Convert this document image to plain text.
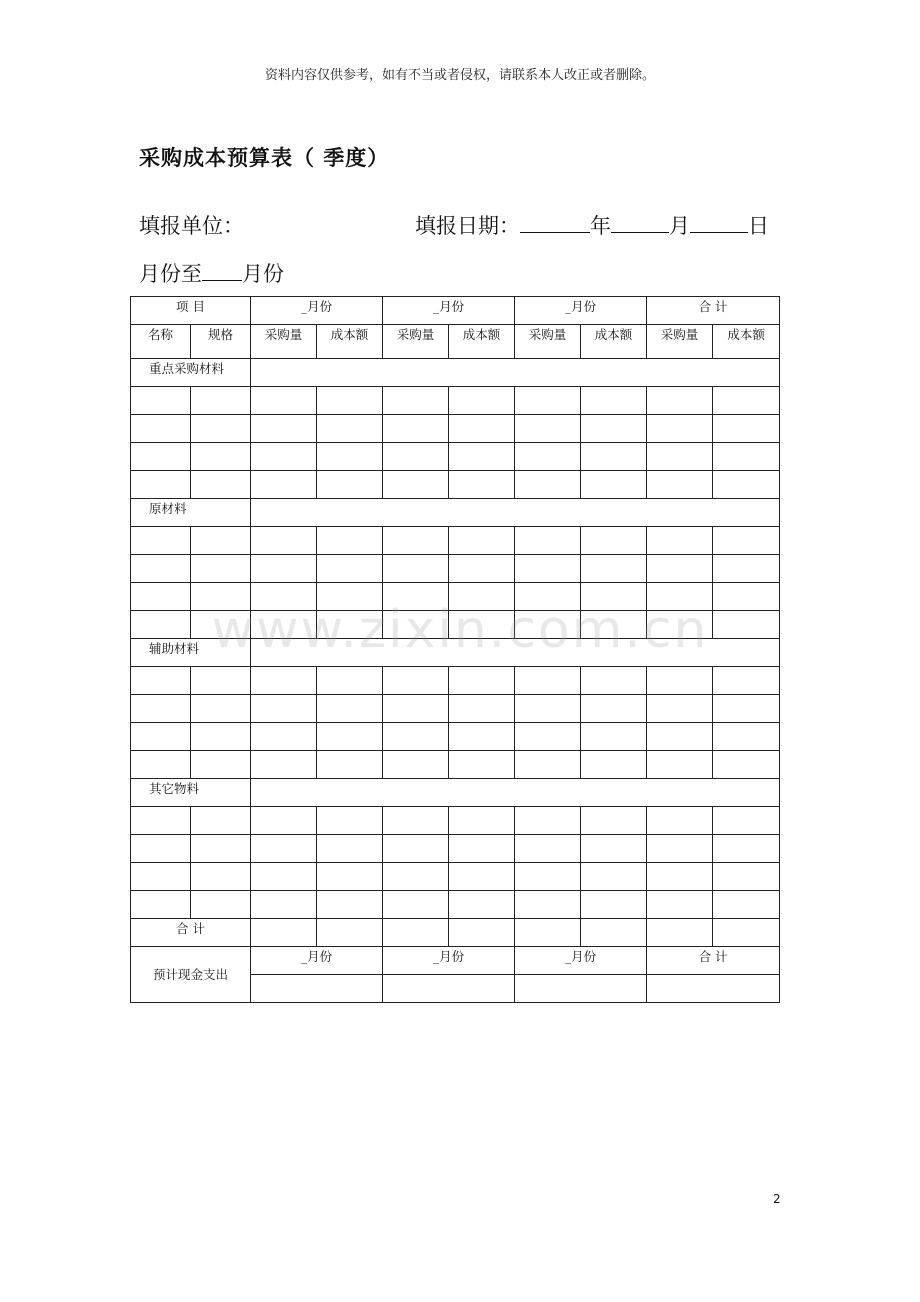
资料内容仅供参考，如有不当或者侵权，请联系本人改正或者删除。
采购成本预算表（ 季度）
填报单位：	填报日期：	年	月	日
月份至 月份
项 目		_月份		_月份		_月份		合 计	
名称	规格	采购量	成本额	采购量	成本额	采购量	成本额	采购量	成本额
重点采购材料									

原材料									

辅助材料									

其它物料									

合 计									
预计现金支出		_月份		_月份		_月份		合 计	

www.zixin.com.cn
2
